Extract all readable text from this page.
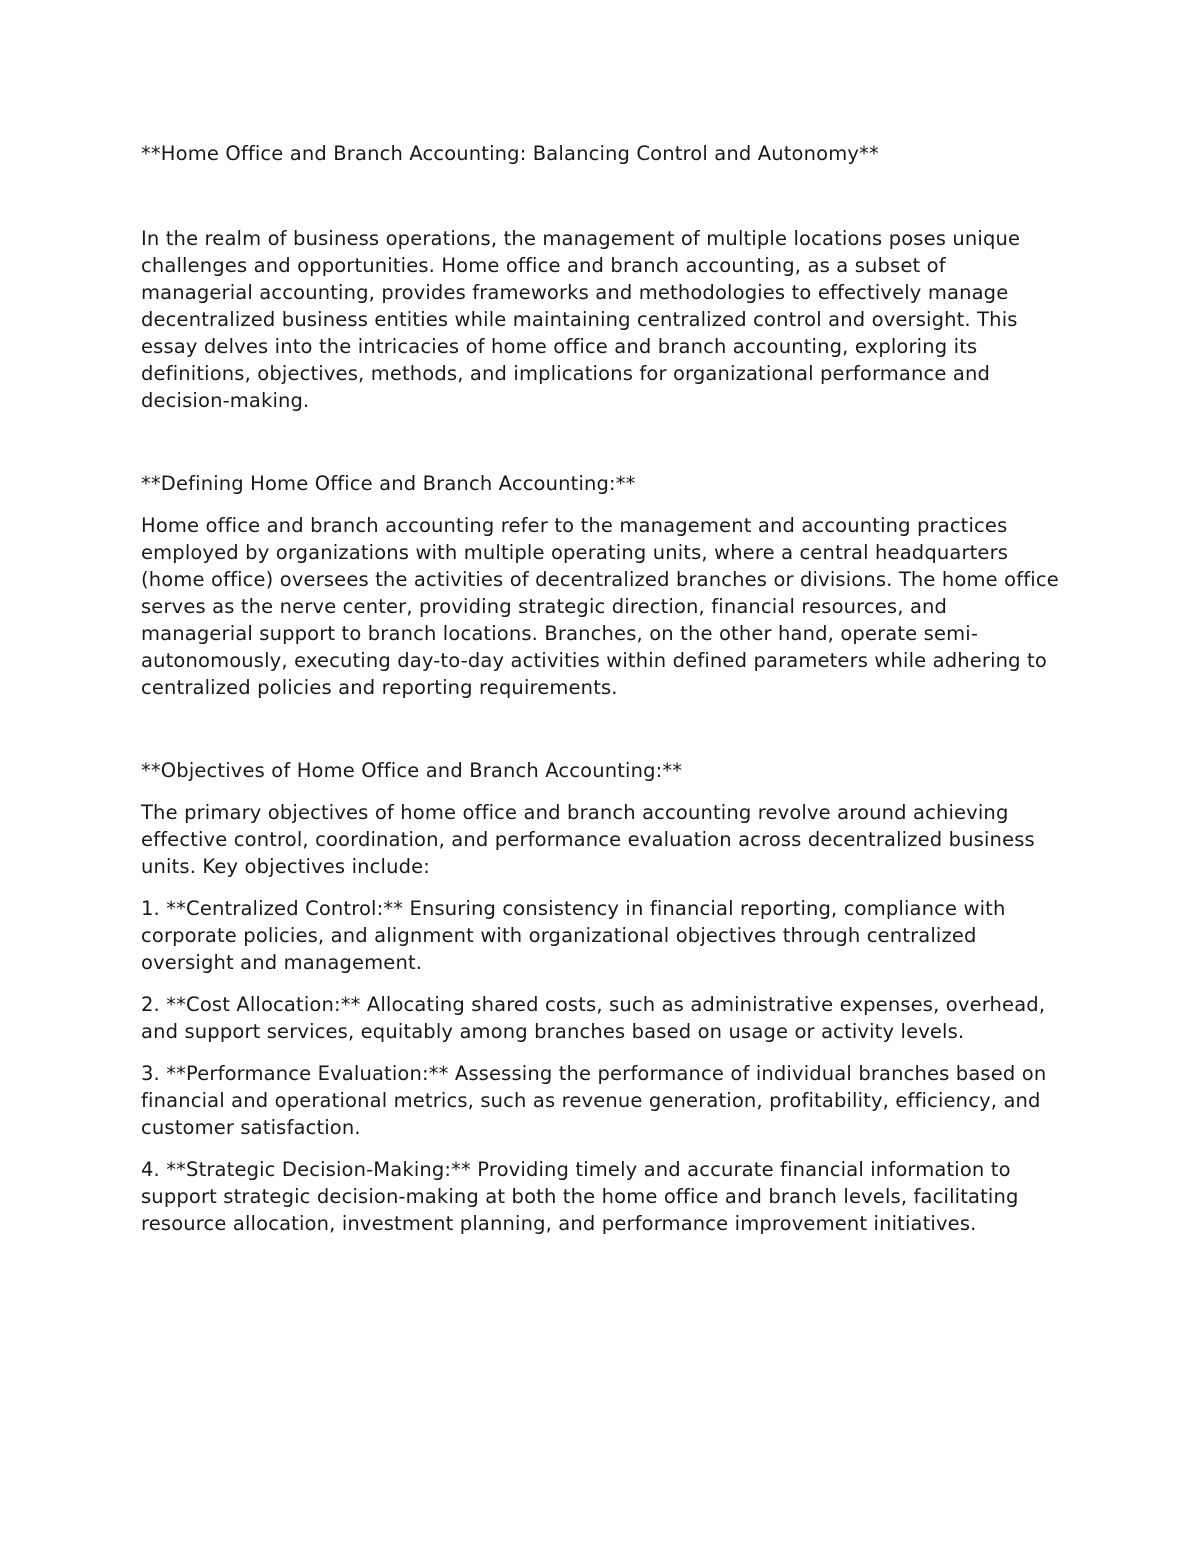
**Home Office and Branch Accounting: Balancing Control and Autonomy**

In the realm of business operations, the management of multiple locations poses unique challenges and opportunities. Home office and branch accounting, as a subset of managerial accounting, provides frameworks and methodologies to effectively manage decentralized business entities while maintaining centralized control and oversight. This essay delves into the intricacies of home office and branch accounting, exploring its definitions, objectives, methods, and implications for organizational performance and decision-making.

**Defining Home Office and Branch Accounting:**

Home office and branch accounting refer to the management and accounting practices employed by organizations with multiple operating units, where a central headquarters (home office) oversees the activities of decentralized branches or divisions. The home office serves as the nerve center, providing strategic direction, financial resources, and managerial support to branch locations. Branches, on the other hand, operate semi-autonomously, executing day-to-day activities within defined parameters while adhering to centralized policies and reporting requirements.

**Objectives of Home Office and Branch Accounting:**

The primary objectives of home office and branch accounting revolve around achieving effective control, coordination, and performance evaluation across decentralized business units. Key objectives include:

1. **Centralized Control:** Ensuring consistency in financial reporting, compliance with corporate policies, and alignment with organizational objectives through centralized oversight and management.

2. **Cost Allocation:** Allocating shared costs, such as administrative expenses, overhead, and support services, equitably among branches based on usage or activity levels.

3. **Performance Evaluation:** Assessing the performance of individual branches based on financial and operational metrics, such as revenue generation, profitability, efficiency, and customer satisfaction.

4. **Strategic Decision-Making:** Providing timely and accurate financial information to support strategic decision-making at both the home office and branch levels, facilitating resource allocation, investment planning, and performance improvement initiatives.
